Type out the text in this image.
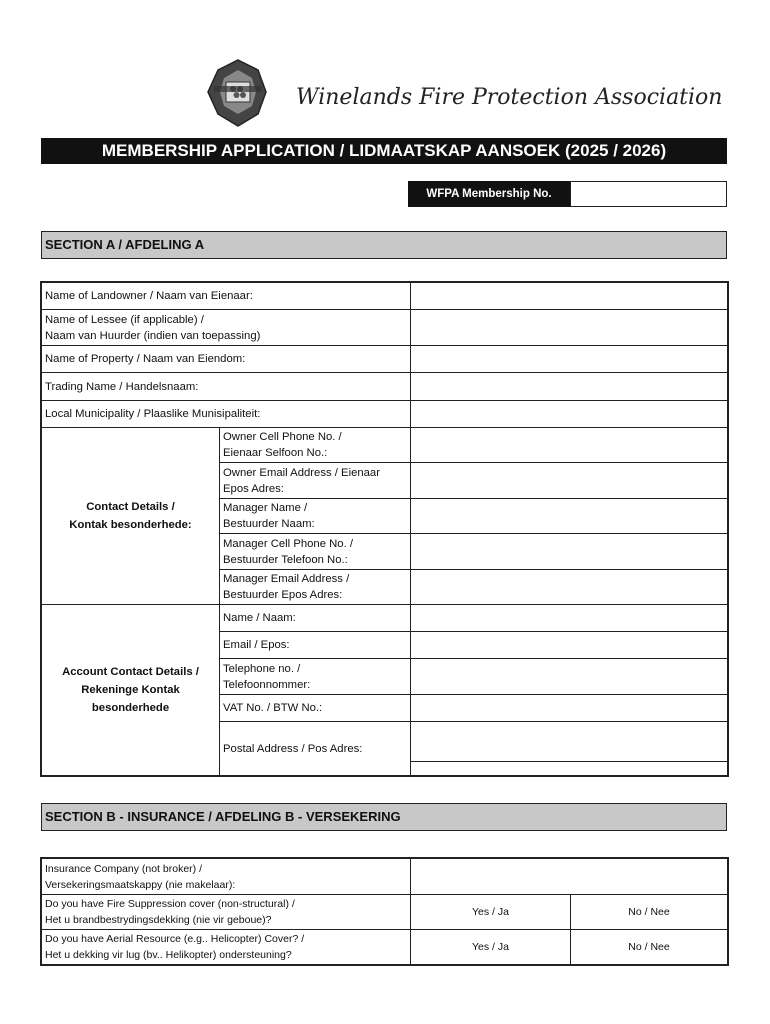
Winelands Fire Protection Association
MEMBERSHIP APPLICATION / LIDMAATSKAP AANSOEK (2025 / 2026)
WFPA Membership No.
SECTION A / AFDELING A
Name of Landowner / Naam van Eienaar:		
Name of Lessee (if applicable) /
Naam van Huurder (indien van toepassing)		
Name of Property / Naam van Eiendom:		
Trading Name / Handelsnaam:		
Local Municipality / Plaaslike Munisipaliteit:		
Contact Details /
Kontak besonderhede:	Owner Cell Phone No. /
Eienaar Selfoon No.:	
	Owner Email Address / Eienaar
Epos Adres:	
	Manager Name /
Bestuurder Naam:	
	Manager Cell Phone No. /
Bestuurder Telefoon No.:	
	Manager Email Address /
Bestuurder Epos Adres:	
Account Contact Details /
Rekeninge Kontak
besonderhede	Name / Naam:	
	Email / Epos:	
	Telephone no. /
Telefoonnommer:	
	VAT No. / BTW No.:	
	Postal Address / Pos Adres:	
SECTION B - INSURANCE / AFDELING B - VERSEKERING
Insurance Company (not broker) /
Versekeringsmaatskappy (nie makelaar):		
Do you have Fire Suppression cover (non-structural) /
Het u brandbestrydingsdekking (nie vir geboue)?	Yes / Ja	No / Nee
Do you have Aerial Resource (e.g.. Helicopter) Cover? /
Het u dekking vir lug (bv.. Helikopter) ondersteuning?	Yes / Ja	No / Nee
